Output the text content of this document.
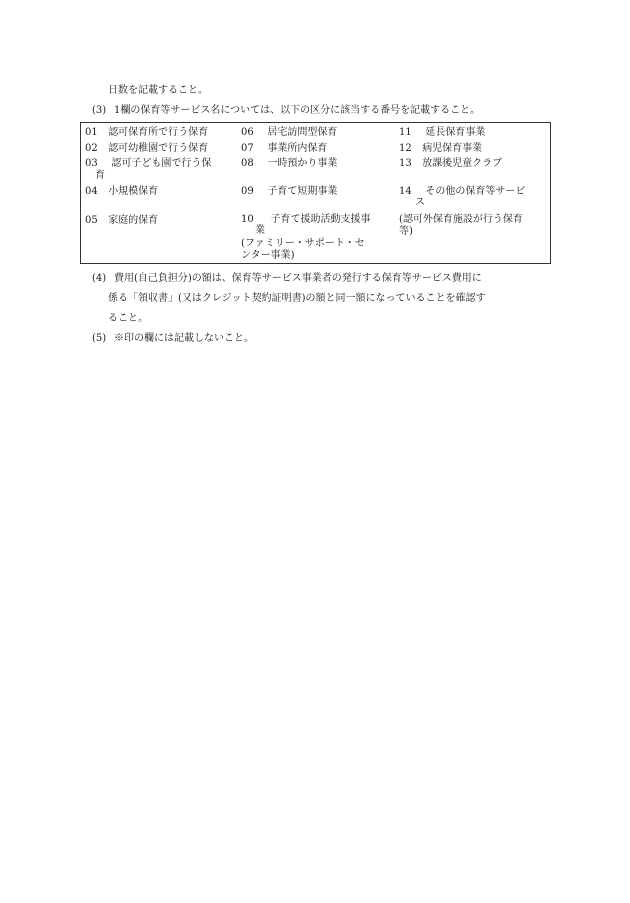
日数を記載すること。
(3) 1欄の保育等サービス名については、以下の区分に該当する番号を記載すること。
01 認可保育所で行う保育
02 認可幼稚園で行う保育
03 認可子ども園で行う保
育
04 小規模保育
05 家庭的保育
06 居宅訪問型保育
07 事業所内保育
08 一時預かり事業
09 子育て短期事業
10 子育て援助活動支援事
業
(ファミリー・サポート・セ
ンター事業)
11 延長保育事業
12 病児保育事業
13 放課後児童クラブ
14 その他の保育等サービ
ス
(認可外保育施設が行う保育
等)
(4) 費用(自己負担分)の額は、保育等サービス事業者の発行する保育等サービス費用に
係る「領収書」(又はクレジット契約証明書)の額と同一額になっていることを確認す
ること。
(5) ※印の欄には記載しないこと。
